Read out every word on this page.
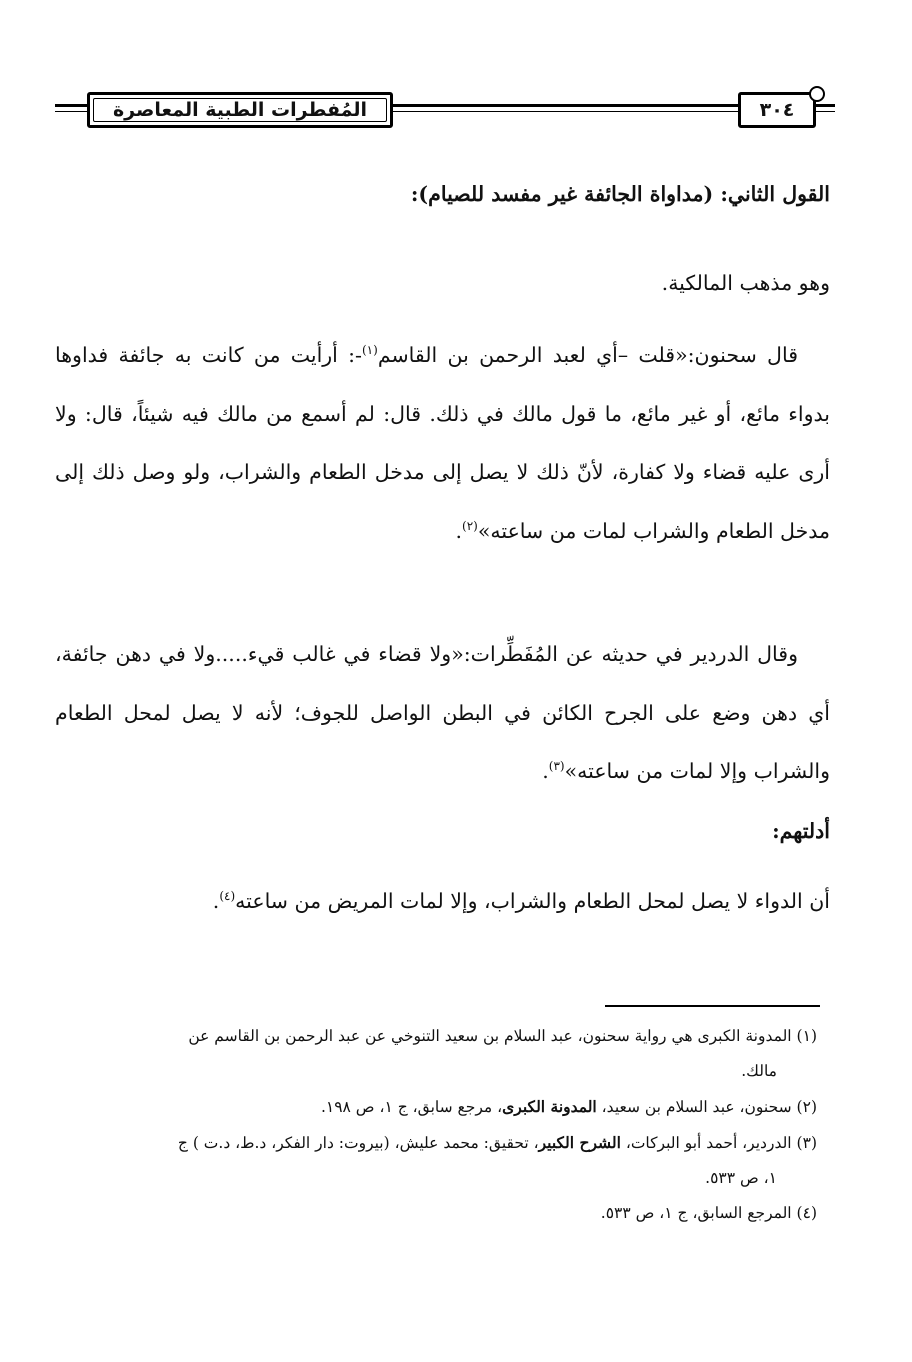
المُفطرات الطبية المعاصرة	٣٠٤
القول الثاني: (مداواة الجائفة غير مفسد للصيام):
وهو مذهب المالكية.
قال سحنون:«قلت –أي لعبد الرحمن بن القاسم$^{(١)}$-: أرأيت من كانت به جائفة فداوها بدواء مائع، أو غير مائع، ما قول مالك في ذلك. قال: لم أسمع من مالك فيه شيئاً، قال: ولا أرى عليه قضاء ولا كفارة، لأنّ ذلك لا يصل إلى مدخل الطعام والشراب، ولو وصل ذلك إلى مدخل الطعام والشراب لمات من ساعته»$^{(٢)}$.
وقال الدردير في حديثه عن المُفَطِّرات:«ولا قضاء في غالب قيء.....ولا في دهن جائفة، أي دهن وضع على الجرح الكائن في البطن الواصل للجوف؛ لأنه لا يصل لمحل الطعام والشراب وإلا لمات من ساعته»$^{(٣)}$.
أدلتهم:
أن الدواء لا يصل لمحل الطعام والشراب، وإلا لمات المريض من ساعته$^{(٤)}$.

(١) المدونة الكبرى هي رواية سحنون، عبد السلام بن سعيد التنوخي عن عبد الرحمن بن القاسم عن
مالك.

(٢) سحنون، عبد السلام بن سعيد، المدونة الكبرى، مرجع سابق، ج ١، ص ١٩٨.

(٣) الدردير، أحمد أبو البركات، الشرح الكبير، تحقيق: محمد عليش، (بيروت: دار الفكر، د.ط، د.ت ) ج
١، ص ٥٣٣.

(٤) المرجع السابق، ج ١، ص ٥٣٣.
